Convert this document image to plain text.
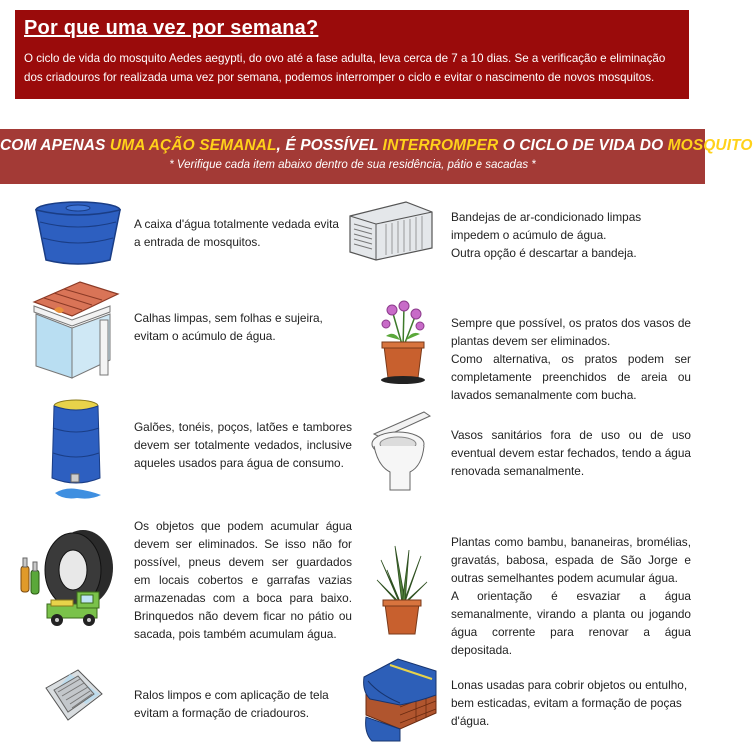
Por que uma vez por semana?

O ciclo de vida do mosquito Aedes aegypti, do ovo até a fase adulta, leva cerca de 7 a 10 dias. Se a verificação e eliminação dos criadouros for realizada uma vez por semana, podemos interromper o ciclo e evitar o nascimento de novos mosquitos.

COM APENAS UMA AÇÃO SEMANAL, É POSSÍVEL INTERROMPER O CICLO DE VIDA DO MOSQUITO
* Verifique cada item abaixo dentro de sua residência, pátio e sacadas *
A caixa d'água totalmente vedada evita a entrada de mosquitos.
Bandejas de ar-condicionado limpas impedem o acúmulo de água.
Outra opção é descartar a bandeja.
Calhas limpas, sem folhas e sujeira, evitam o acúmulo de água.
Sempre que possível, os pratos dos vasos de plantas devem ser eliminados.
Como alternativa, os pratos podem ser completamente preenchidos de areia ou lavados semanalmente com bucha.
Galões, tonéis, poços, latões e tambores devem ser totalmente vedados, inclusive aqueles usados para água de consumo.
Vasos sanitários fora de uso ou de uso eventual devem estar fechados, tendo a água renovada semanalmente.
Os objetos que podem acumular água devem ser eliminados. Se isso não for possível, pneus devem ser guardados em locais cobertos e garrafas vazias armazenadas com a boca para baixo. Brinquedos não devem ficar no pátio ou sacada, pois também acumulam água.
Plantas como bambu, bananeiras, bromélias, gravatás, babosa, espada de São Jorge e outras semelhantes podem acumular água.
A orientação é esvaziar a água semanalmente, virando a planta ou jogando água corrente para renovar a água depositada.
Ralos limpos e com aplicação de tela evitam a formação de criadouros.
Lonas usadas para cobrir objetos ou entulho, bem esticadas, evitam a formação de poças d'água.
